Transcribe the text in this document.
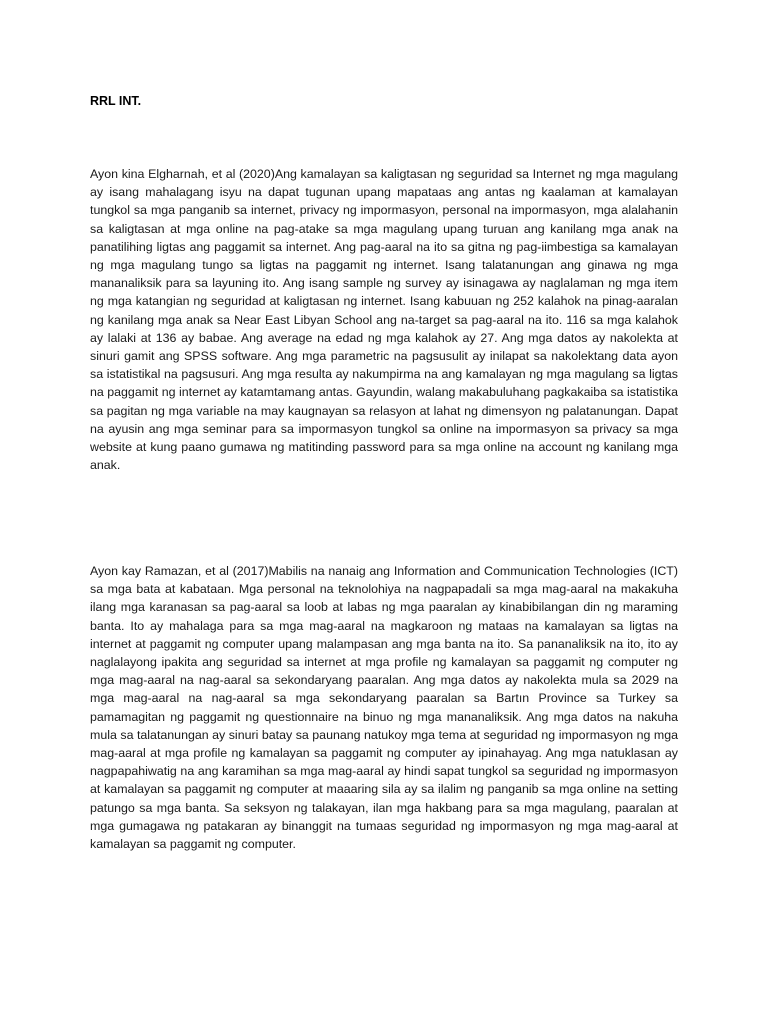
RRL INT.

Ayon kina Elgharnah, et al (2020)Ang kamalayan sa kaligtasan ng seguridad sa Internet ng mga magulang ay isang mahalagang isyu na dapat tugunan upang mapataas ang antas ng kaalaman at kamalayan tungkol sa mga panganib sa internet, privacy ng impormasyon, personal na impormasyon, mga alalahanin sa kaligtasan at mga online na pag-atake sa mga magulang upang turuan ang kanilang mga anak na panatilihing ligtas ang paggamit sa internet. Ang pag-aaral na ito sa gitna ng pag-iimbestiga sa kamalayan ng mga magulang tungo sa ligtas na paggamit ng internet. Isang talatanungan ang ginawa ng mga mananaliksik para sa layuning ito. Ang isang sample ng survey ay isinagawa ay naglalaman ng mga item ng mga katangian ng seguridad at kaligtasan ng internet. Isang kabuuan ng 252 kalahok na pinag-aaralan ng kanilang mga anak sa Near East Libyan School ang na-target sa pag-aaral na ito. 116 sa mga kalahok ay lalaki at 136 ay babae. Ang average na edad ng mga kalahok ay 27. Ang mga datos ay nakolekta at sinuri gamit ang SPSS software. Ang mga parametric na pagsusulit ay inilapat sa nakolektang data ayon sa istatistikal na pagsusuri. Ang mga resulta ay nakumpirma na ang kamalayan ng mga magulang sa ligtas na paggamit ng internet ay katamtamang antas. Gayundin, walang makabuluhang pagkakaiba sa istatistika sa pagitan ng mga variable na may kaugnayan sa relasyon at lahat ng dimensyon ng palatanungan. Dapat na ayusin ang mga seminar para sa impormasyon tungkol sa online na impormasyon sa privacy sa mga website at kung paano gumawa ng matitinding password para sa mga online na account ng kanilang mga anak.

Ayon kay Ramazan, et al (2017)Mabilis na nanaig ang Information and Communication Technologies (ICT) sa mga bata at kabataan. Mga personal na teknolohiya na nagpapadali sa mga mag-aaral na makakuha ilang mga karanasan sa pag-aaral sa loob at labas ng mga paaralan ay kinabibilangan din ng maraming banta. Ito ay mahalaga para sa mga mag-aaral na magkaroon ng mataas na kamalayan sa ligtas na internet at paggamit ng computer upang malampasan ang mga banta na ito. Sa pananaliksik na ito, ito ay naglalayong ipakita ang seguridad sa internet at mga profile ng kamalayan sa paggamit ng computer ng mga mag-aaral na nag-aaral sa sekondaryang paaralan. Ang mga datos ay nakolekta mula sa 2029 na mga mag-aaral na nag-aaral sa mga sekondaryang paaralan sa Bartın Province sa Turkey sa pamamagitan ng paggamit ng questionnaire na binuo ng mga mananaliksik. Ang mga datos na nakuha mula sa talatanungan ay sinuri batay sa paunang natukoy mga tema at seguridad ng impormasyon ng mga mag-aaral at mga profile ng kamalayan sa paggamit ng computer ay ipinahayag. Ang mga natuklasan ay nagpapahiwatig na ang karamihan sa mga mag-aaral ay hindi sapat tungkol sa seguridad ng impormasyon at kamalayan sa paggamit ng computer at maaaring sila ay sa ilalim ng panganib sa mga online na setting patungo sa mga banta. Sa seksyon ng talakayan, ilan mga hakbang para sa mga magulang, paaralan at mga gumagawa ng patakaran ay binanggit na tumaas seguridad ng impormasyon ng mga mag-aaral at kamalayan sa paggamit ng computer.
